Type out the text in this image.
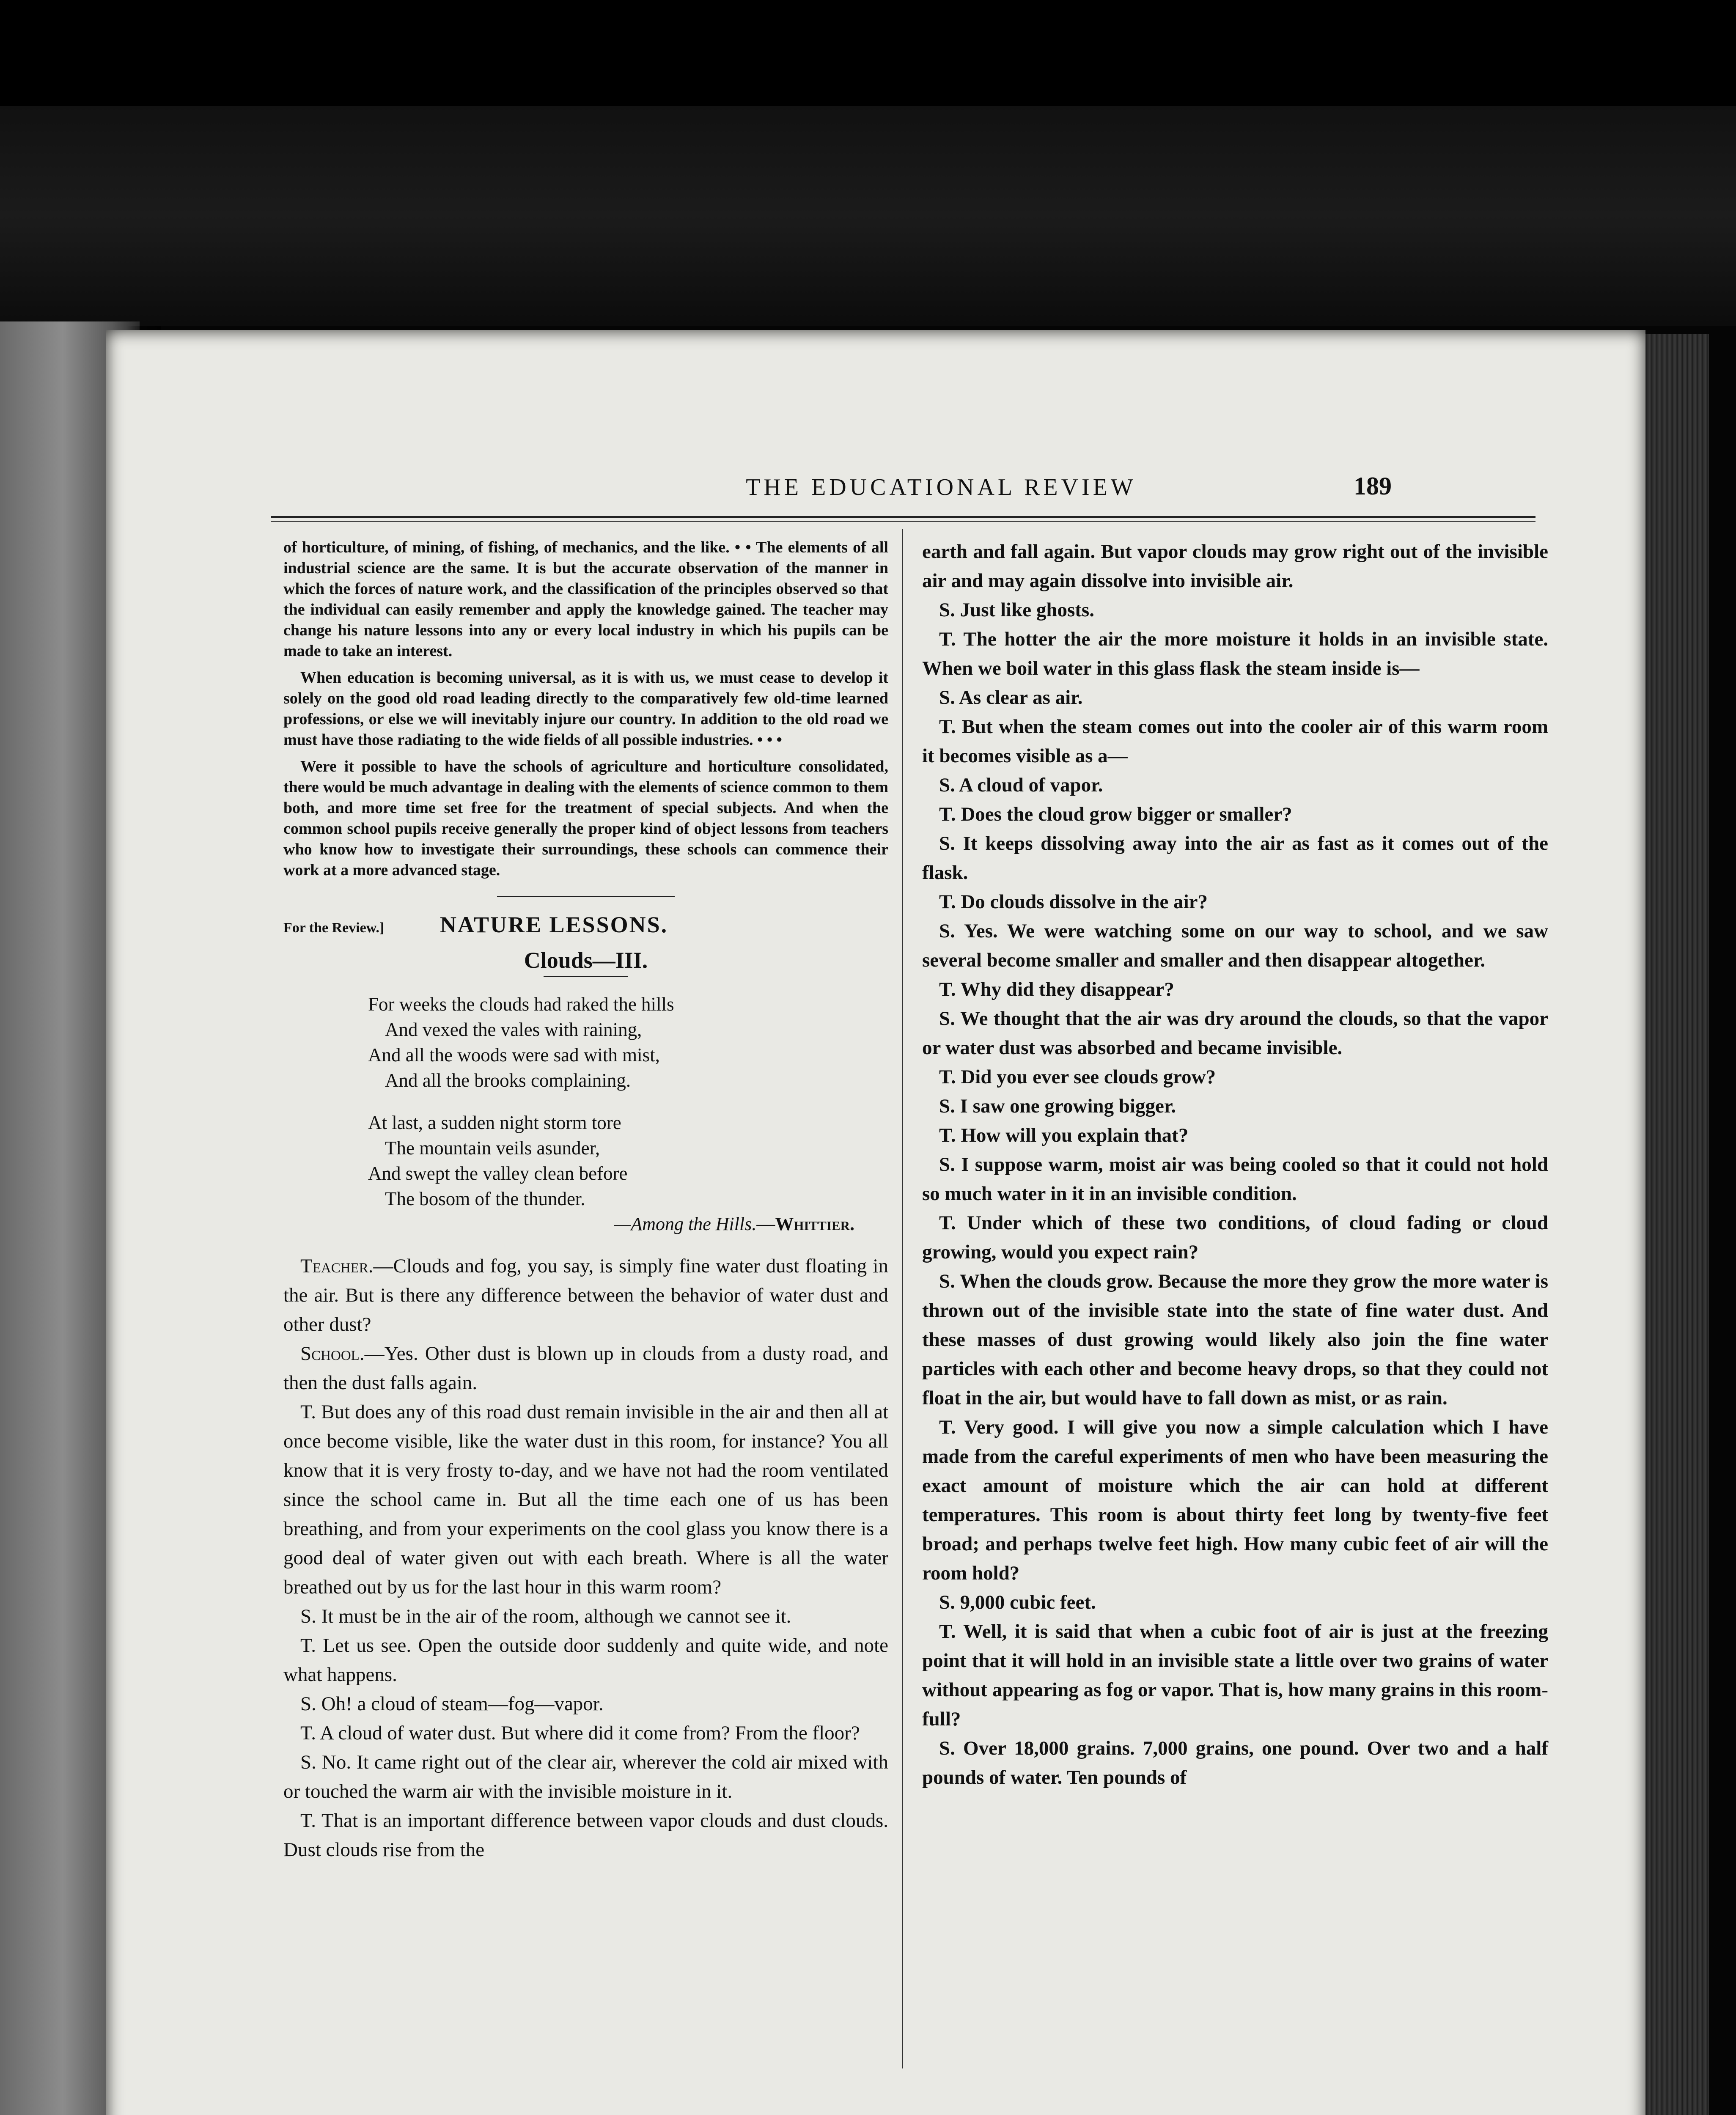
THE EDUCATIONAL REVIEW	189

of horticulture, of mining, of fishing, of mechanics, and the like. • • The elements of all industrial science are the same. It is but the accurate observation of the manner in which the forces of nature work, and the classification of the principles observed so that the individual can easily remember and apply the knowledge gained. The teacher may change his nature lessons into any or every local industry in which his pupils can be made to take an interest.

When education is becoming universal, as it is with us, we must cease to develop it solely on the good old road leading directly to the comparatively few old-time learned professions, or else we will inevitably injure our country. In addition to the old road we must have those radiating to the wide fields of all possible industries. • • •

Were it possible to have the schools of agriculture and horticulture consolidated, there would be much advantage in dealing with the elements of science common to them both, and more time set free for the treatment of special subjects. And when the common school pupils receive generally the proper kind of object lessons from teachers who know how to investigate their surroundings, these schools can commence their work at a more advanced stage.

For the Review.]	NATURE LESSONS.
Clouds—III.

For weeks the clouds had raked the hills

And vexed the vales with raining,

And all the woods were sad with mist,

And all the brooks complaining.

At last, a sudden night storm tore

The mountain veils asunder,

And swept the valley clean before

The bosom of the thunder.

—Among the Hills.—Whittier.

Teacher.—Clouds and fog, you say, is simply fine water dust floating in the air. But is there any difference between the behavior of water dust and other dust?

School.—Yes. Other dust is blown up in clouds from a dusty road, and then the dust falls again.

T. But does any of this road dust remain invisible in the air and then all at once become visible, like the water dust in this room, for instance? You all know that it is very frosty to-day, and we have not had the room ventilated since the school came in. But all the time each one of us has been breathing, and from your experiments on the cool glass you know there is a good deal of water given out with each breath. Where is all the water breathed out by us for the last hour in this warm room?

S. It must be in the air of the room, although we cannot see it.

T. Let us see. Open the outside door suddenly and quite wide, and note what happens.

S. Oh! a cloud of steam—fog—vapor.

T. A cloud of water dust. But where did it come from? From the floor?

S. No. It came right out of the clear air, wherever the cold air mixed with or touched the warm air with the invisible moisture in it.

T. That is an important difference between vapor clouds and dust clouds. Dust clouds rise from the

earth and fall again. But vapor clouds may grow right out of the invisible air and may again dissolve into invisible air.

S. Just like ghosts.

T. The hotter the air the more moisture it holds in an invisible state. When we boil water in this glass flask the steam inside is—

S. As clear as air.

T. But when the steam comes out into the cooler air of this warm room it becomes visible as a—

S. A cloud of vapor.

T. Does the cloud grow bigger or smaller?

S. It keeps dissolving away into the air as fast as it comes out of the flask.

T. Do clouds dissolve in the air?

S. Yes. We were watching some on our way to school, and we saw several become smaller and smaller and then disappear altogether.

T. Why did they disappear?

S. We thought that the air was dry around the clouds, so that the vapor or water dust was absorbed and became invisible.

T. Did you ever see clouds grow?

S. I saw one growing bigger.

T. How will you explain that?

S. I suppose warm, moist air was being cooled so that it could not hold so much water in it in an invisible condition.

T. Under which of these two conditions, of cloud fading or cloud growing, would you expect rain?

S. When the clouds grow. Because the more they grow the more water is thrown out of the invisible state into the state of fine water dust. And these masses of dust growing would likely also join the fine water particles with each other and become heavy drops, so that they could not float in the air, but would have to fall down as mist, or as rain.

T. Very good. I will give you now a simple calculation which I have made from the careful experiments of men who have been measuring the exact amount of moisture which the air can hold at different temperatures. This room is about thirty feet long by twenty-five feet broad; and perhaps twelve feet high. How many cubic feet of air will the room hold?

S. 9,000 cubic feet.

T. Well, it is said that when a cubic foot of air is just at the freezing point that it will hold in an invisible state a little over two grains of water without appearing as fog or vapor. That is, how many grains in this room-full?

S. Over 18,000 grains. 7,000 grains, one pound. Over two and a half pounds of water. Ten pounds of
